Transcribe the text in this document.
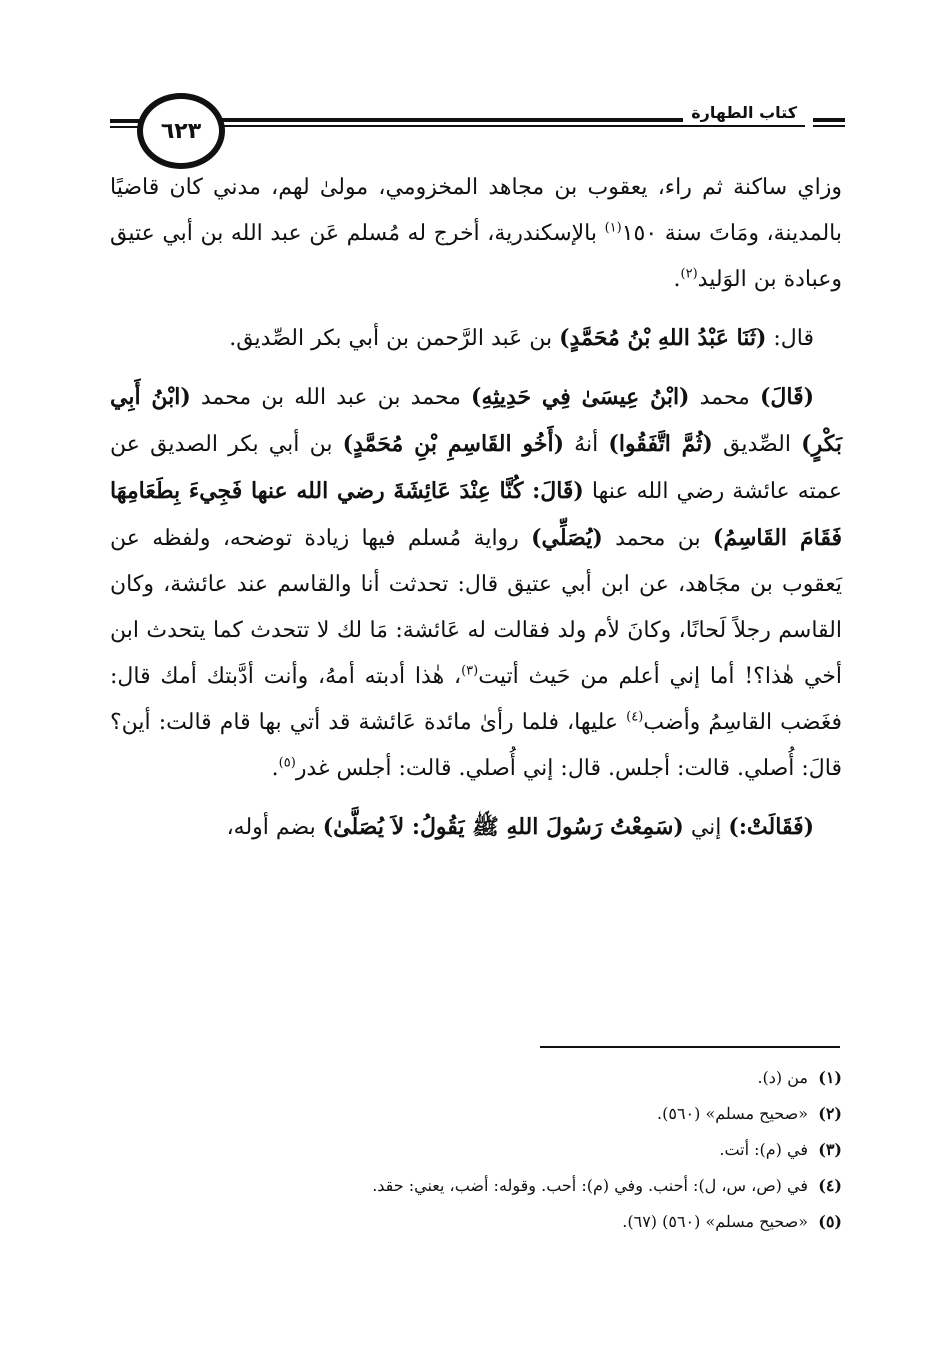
٦٢٣
كتاب الطهارة

وزاي ساكنة ثم راء، يعقوب بن مجاهد المخزومي، مولىٰ لهم، مدني كان قاضيًا بالمدينة، ومَاتَ سنة ١٥٠$^{(١)}$ بالإسكندرية، أخرج له مُسلم عَن عبد الله بن أبي عتيق وعبادة بن الوَليد$^{(٢)}$.

قال: (ثَنَا عَبْدُ اللهِ بْنُ مُحَمَّدٍ) بن عَبد الرَّحمن بن أبي بكر الصِّديق.

(قَالَ) محمد (ابْنُ عِيسَىٰ فِي حَدِيثِهِ) محمد بن عبد الله بن محمد (ابْنُ أَبِي بَكْرٍ) الصِّديق (ثُمَّ اتَّفَقُوا) أنهُ (أَخُو القَاسِمِ بْنِ مُحَمَّدٍ) بن أبي بكر الصديق عن عمته عائشة رضي الله عنها (قَالَ: كُنَّا عِنْدَ عَائِشَةَ رضي الله عنها فَجِيءَ بِطَعَامِهَا فَقَامَ القَاسِمُ) بن محمد (يُصَلِّي) رواية مُسلم فيها زيادة توضحه، ولفظه عن يَعقوب بن مجَاهد، عن ابن أبي عتيق قال: تحدثت أنا والقاسم عند عائشة، وكان القاسم رجلاً لَحانًا، وكانَ لأم ولد فقالت له عَائشة: مَا لك لا تتحدث كما يتحدث ابن أخي هٰذا؟! أما إني أعلم من حَيث أتيت$^{(٣)}$، هٰذا أدبته أمهُ، وأنت أدَّبتك أمك قال: فغَضب القاسِمُ وأضب$^{(٤)}$ عليها، فلما رأىٰ مائدة عَائشة قد أتي بها قام قالت: أين؟ قالَ: أُصلي. قالت: أجلس. قال: إني أُصلي. قالت: أجلس غدر$^{(٥)}$.

(فَقَالَتْ:) إني (سَمِعْتُ رَسُولَ اللهِ ﷺ يَقُولُ: لاَ يُصَلَّىٰ) بضم أوله،

(١)من (د).
(٢)«صحيح مسلم» (٥٦٠).
(٣)في (م): أتت.
(٤)في (ص، س، ل): أحنب. وفي (م): أحب. وقوله: أضب، يعني: حقد.
(٥)«صحيح مسلم» (٥٦٠) (٦٧).
